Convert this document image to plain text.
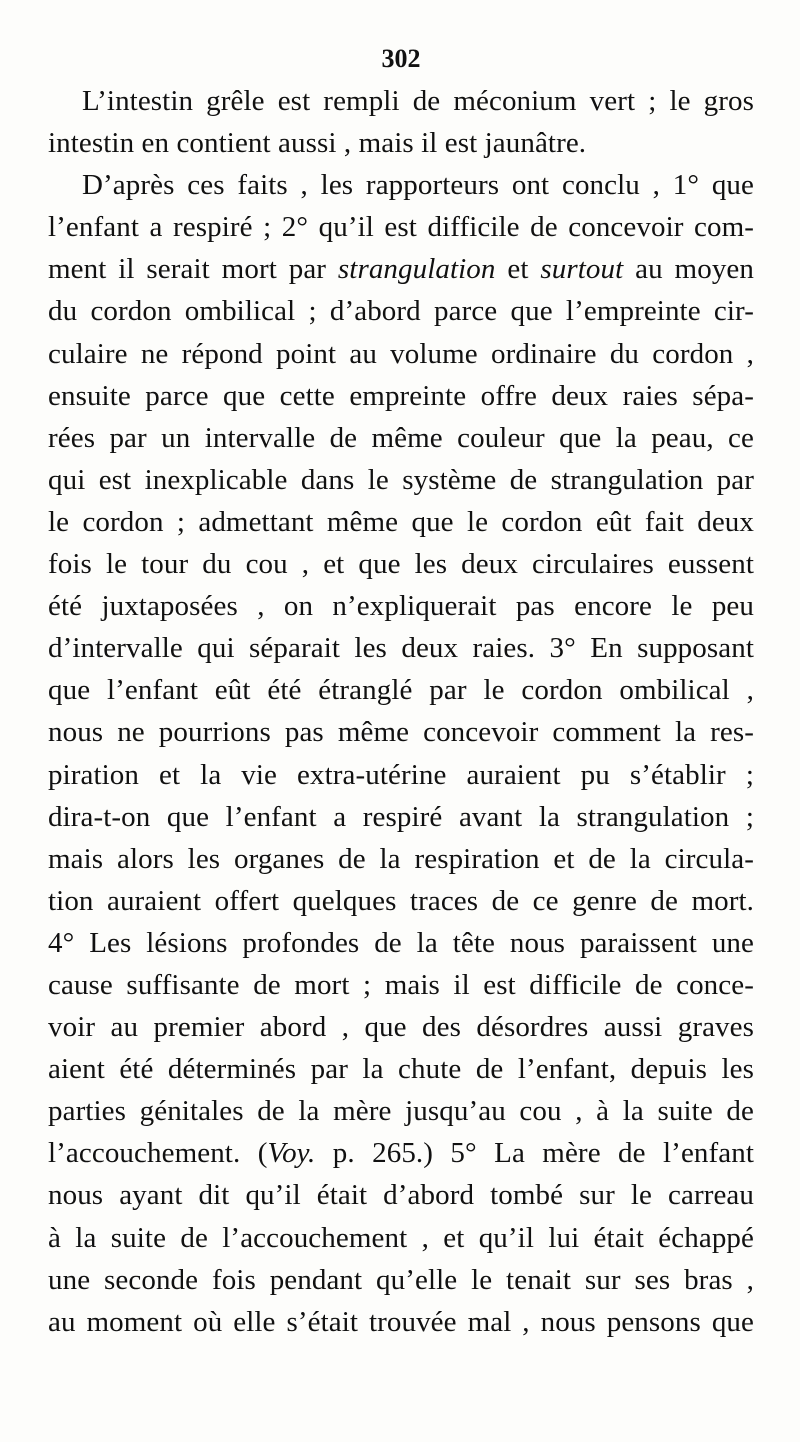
302
L’intestin grêle est rempli de méconium vert ; le gros
intestin en contient aussi , mais il est jaunâtre.
D’après ces faits , les rapporteurs ont conclu , 1° que
l’enfant a respiré ; 2° qu’il est difficile de concevoir com-
ment il serait mort par strangulation et surtout au moyen
du cordon ombilical ; d’abord parce que l’empreinte cir-
culaire ne répond point au volume ordinaire du cordon ,
ensuite parce que cette empreinte offre deux raies sépa-
rées par un intervalle de même couleur que la peau, ce
qui est inexplicable dans le système de strangulation par
le cordon ; admettant même que le cordon eût fait deux
fois le tour du cou , et que les deux circulaires eussent
été juxtaposées , on n’expliquerait pas encore le peu
d’intervalle qui séparait les deux raies. 3° En supposant
que l’enfant eût été étranglé par le cordon ombilical ,
nous ne pourrions pas même concevoir comment la res-
piration et la vie extra-utérine auraient pu s’établir ;
dira-t-on que l’enfant a respiré avant la strangulation ;
mais alors les organes de la respiration et de la circula-
tion auraient offert quelques traces de ce genre de mort.
4° Les lésions profondes de la tête nous paraissent une
cause suffisante de mort ; mais il est difficile de conce-
voir au premier abord , que des désordres aussi graves
aient été déterminés par la chute de l’enfant, depuis les
parties génitales de la mère jusqu’au cou , à la suite de
l’accouchement. (Voy. p. 265.) 5° La mère de l’enfant
nous ayant dit qu’il était d’abord tombé sur le carreau
à la suite de l’accouchement , et qu’il lui était échappé
une seconde fois pendant qu’elle le tenait sur ses bras ,
au moment où elle s’était trouvée mal , nous pensons que
